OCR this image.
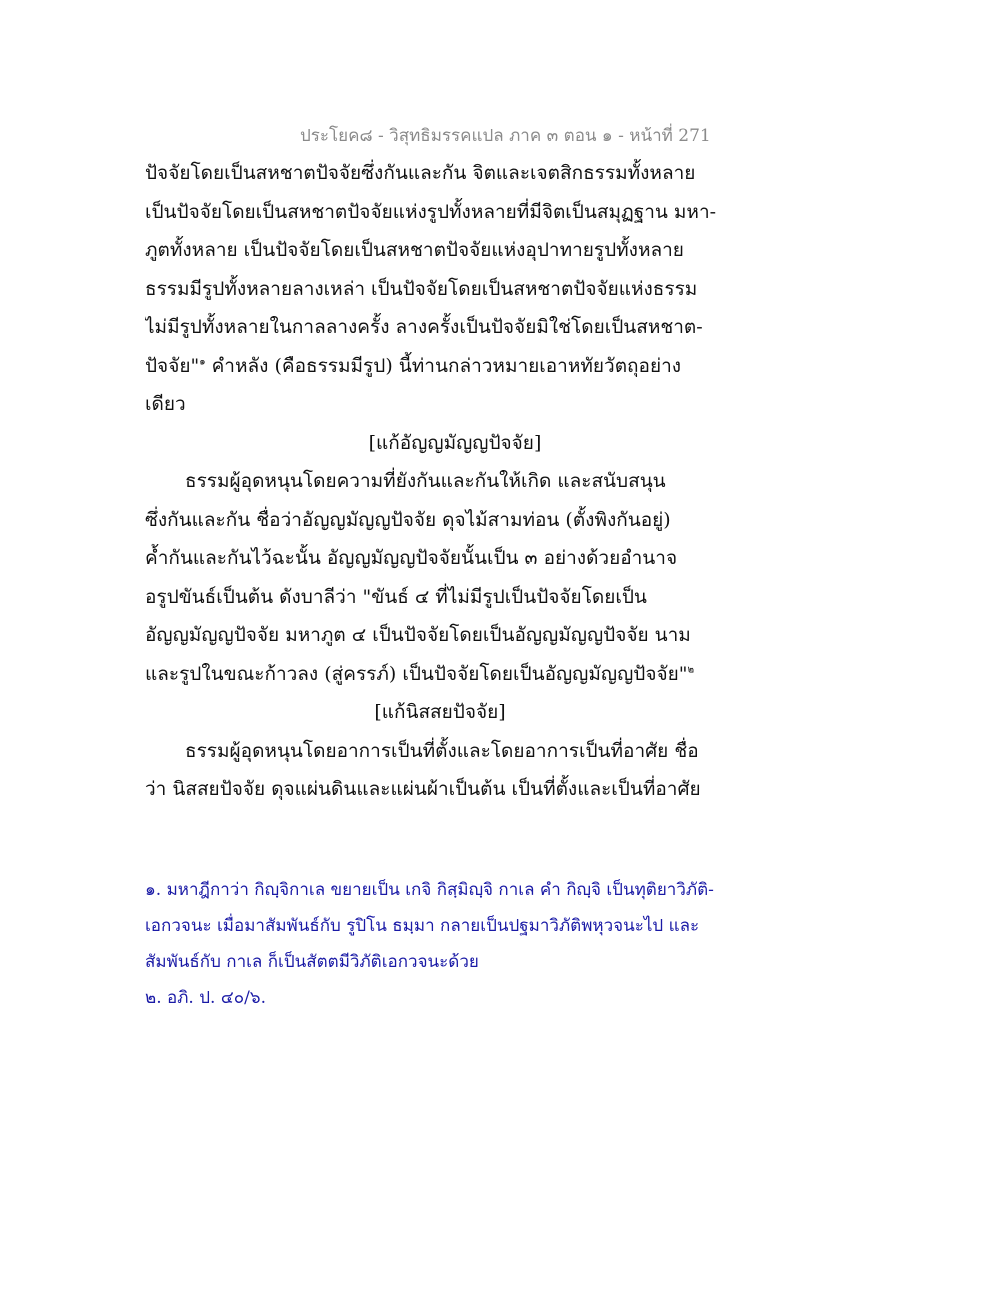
ประโยค๘ - วิสุทธิมรรคแปล ภาค ๓ ตอน ๑ - หน้าที่ 271
ปัจจัยโดยเป็นสหชาตปัจจัยซึ่งกันและกัน จิตและเจตสิกธรรมทั้งหลาย
เป็นปัจจัยโดยเป็นสหชาตปัจจัยแห่งรูปทั้งหลายที่มีจิตเป็นสมุฏฐาน มหา-
ภูตทั้งหลาย เป็นปัจจัยโดยเป็นสหชาตปัจจัยแห่งอุปาทายรูปทั้งหลาย
ธรรมมีรูปทั้งหลายลางเหล่า เป็นปัจจัยโดยเป็นสหชาตปัจจัยแห่งธรรม
ไม่มีรูปทั้งหลายในกาลลางครั้ง ลางครั้งเป็นปัจจัยมิใช่โดยเป็นสหชาต-
ปัจจัย"$^๑$ คำหลัง (คือธรรมมีรูป) นี้ท่านกล่าวหมายเอาหทัยวัตถุอย่าง
เดียว
[แก้อัญญมัญญปัจจัย]
ธรรมผู้อุดหนุนโดยความที่ยังกันและกันให้เกิด และสนับสนุน
ซึ่งกันและกัน ชื่อว่าอัญญมัญญปัจจัย ดุจไม้สามท่อน (ตั้งพิงกันอยู่)
ค้ำกันและกันไว้ฉะนั้น อัญญมัญญปัจจัยนั้นเป็น ๓ อย่างด้วยอำนาจ
อรูปขันธ์เป็นต้น ดังบาลีว่า "ขันธ์ ๔ ที่ไม่มีรูปเป็นปัจจัยโดยเป็น
อัญญมัญญปัจจัย มหาภูต ๔ เป็นปัจจัยโดยเป็นอัญญมัญญปัจจัย นาม
และรูปในขณะก้าวลง (สู่ครรภ์) เป็นปัจจัยโดยเป็นอัญญมัญญปัจจัย"$^๒$
[แก้นิสสยปัจจัย]
ธรรมผู้อุดหนุนโดยอาการเป็นที่ตั้งและโดยอาการเป็นที่อาศัย ชื่อ
ว่า นิสสยปัจจัย ดุจแผ่นดินและแผ่นผ้าเป็นต้น เป็นที่ตั้งและเป็นที่อาศัย
๑. มหาฎีกาว่า กิญฺจิกาเล ขยายเป็น เกจิ กิสฺมิญฺจิ กาเล คำ กิญฺจิ เป็นทุติยาวิภัติ-
เอกวจนะ เมื่อมาสัมพันธ์กับ รูปิโน ธมฺมา กลายเป็นปฐมาวิภัติพหุวจนะไป และ
สัมพันธ์กับ กาเล ก็เป็นสัตตมีวิภัติเอกวจนะด้วย
๒. อภิ. ป. ๔๐/๖.
